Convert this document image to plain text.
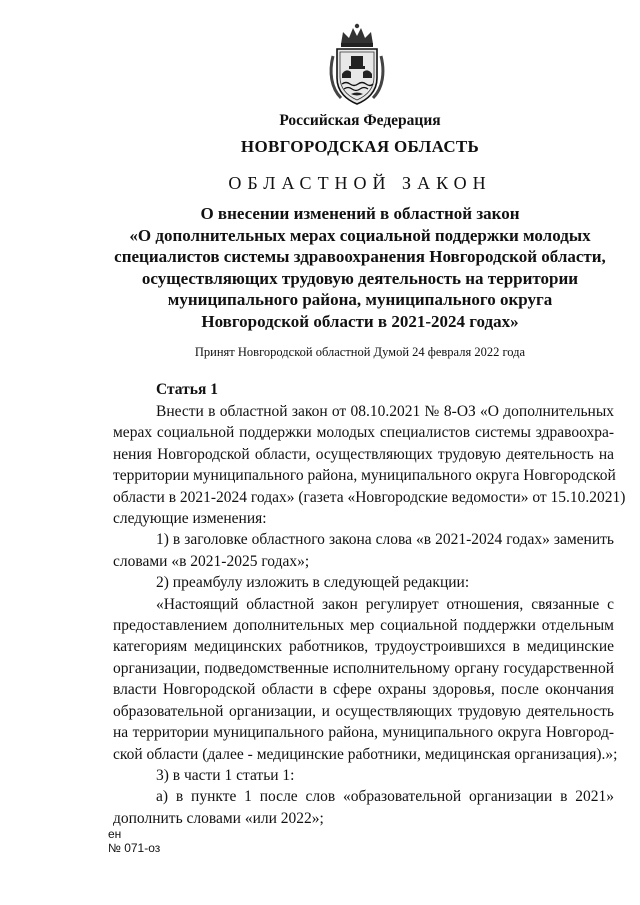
Российская Федерация
НОВГОРОДСКАЯ ОБЛАСТЬ
ОБЛАСТНОЙ ЗАКОН
О внесении изменений в областной закон
«О дополнительных мерах социальной поддержки молодых
специалистов системы здравоохранения Новгородской области,
осуществляющих трудовую деятельность на территории
муниципального района, муниципального округа
Новгородской области в 2021-2024 годах»
Принят Новгородской областной Думой 24 февраля 2022 года
Статья 1
Внести в областной закон от 08.10.2021 № 8-ОЗ «О дополнительных
мерах социальной поддержки молодых специалистов системы здравоохра-
нения Новгородской области, осуществляющих трудовую деятельность на
территории муниципального района, муниципального округа Новгородской
области в 2021-2024 годах» (газета «Новгородские ведомости» от 15.10.2021)
следующие изменения:
1) в заголовке областного закона слова «в 2021-2024 годах» заменить
словами «в 2021-2025 годах»;
2) преамбулу изложить в следующей редакции:
«Настоящий областной закон регулирует отношения, связанные с
предоставлением дополнительных мер социальной поддержки отдельным
категориям медицинских работников, трудоустроившихся в медицинские
организации, подведомственные исполнительному органу государственной
власти Новгородской области в сфере охраны здоровья, после окончания
образовательной организации, и осуществляющих трудовую деятельность
на территории муниципального района, муниципального округа Новгород-
ской области (далее - медицинские работники, медицинская организация).»;
3) в части 1 статьи 1:
а) в пункте 1 после слов «образовательной организации в 2021»
дополнить словами «или 2022»;
ен
№ 071-оз
